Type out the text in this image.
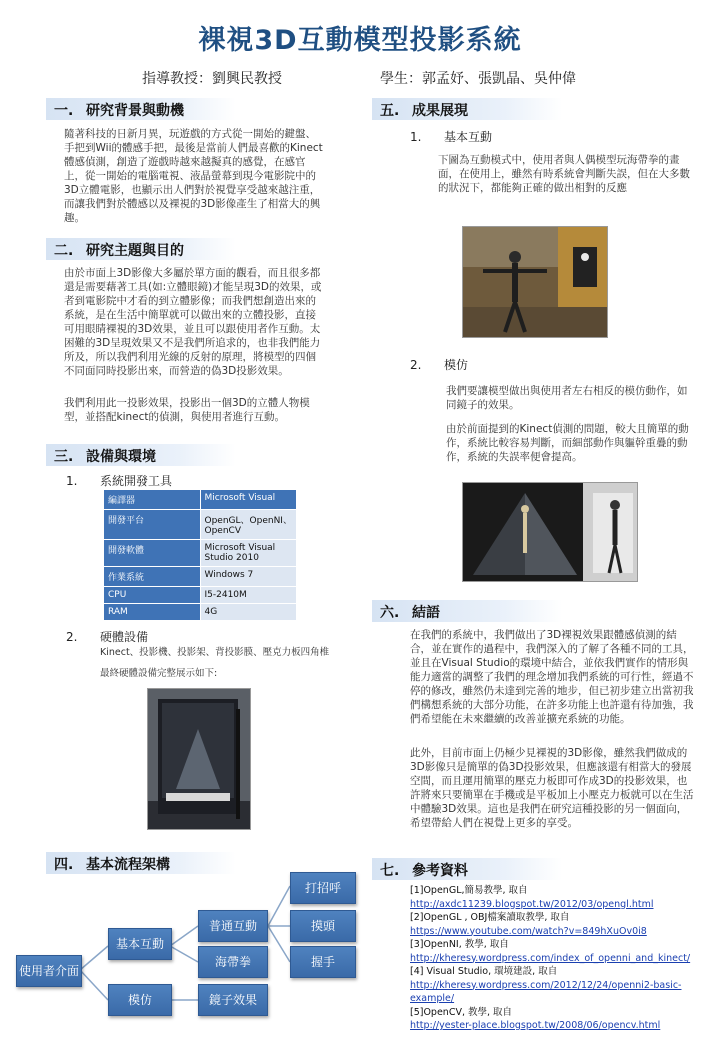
裸視3D互動模型投影系統
指導教授：劉興民教授	學生：郭孟妤、張凱晶、吳仲偉
一. 研究背景與動機
隨著科技的日新月異，玩遊戲的方式從一開始的鍵盤、手把到Wii的體感手把，最後是當前人們最喜歡的Kinect體感偵測，創造了遊戲時越來越擬真的感覺，在感官上，從一開始的電腦電視、液晶螢幕到現今電影院中的3D立體電影，也顯示出人們對於視覺享受越來越注重，而讓我們對於體感以及裸視的3D影像產生了相當大的興趣。
二. 研究主題與目的
由於市面上3D影像大多屬於單方面的觀看，而且很多都還是需要藉著工具(如:立體眼鏡)才能呈現3D的效果，或者到電影院中才看的到立體影像；而我們想創造出來的系統，是在生活中簡單就可以做出來的立體投影，直接可用眼睛裸視的3D效果，並且可以跟使用者作互動。太困難的3D呈現效果又不是我們所追求的，也非我們能力所及，所以我們利用光線的反射的原理，將模型的四個不同面同時投影出來，而營造的偽3D投影效果。
我們利用此一投影效果，投影出一個3D的立體人物模型，並搭配kinect的偵測，與使用者進行互動。
三. 設備與環境
1. 系統開發工具
編譯器	Microsoft Visual
開發平台	OpenGL、OpenNI、OpenCV
開發軟體	Microsoft Visual Studio 2010
作業系統	Windows 7
CPU	I5-2410M
RAM	4G
2. 硬體設備
Kinect、投影機、投影架、背投影膜、壓克力板四角椎
最終硬體設備完整展示如下:
四. 基本流程架構
使用者介面
基本互動
模仿
普通互動
海帶拳
鏡子效果
打招呼
摸頭
握手
五. 成果展現
1. 基本互動
下圖為互動模式中，使用者與人偶模型玩海帶拳的畫面，在使用上，雖然有時系統會判斷失誤，但在大多數的狀況下，都能夠正確的做出相對的反應
2. 模仿
我們要讓模型做出與使用者左右相反的模仿動作，如同鏡子的效果。
由於前面提到的Kinect偵測的問題，較大且簡單的動作，系統比較容易判斷，而細部動作與軀幹重疊的動作，系統的失誤率便會提高。
六. 結語
在我們的系統中，我們做出了3D裸視效果跟體感偵測的結合，並在實作的過程中，我們深入的了解了各種不同的工具，並且在Visual Studio的環境中結合，並依我們實作的情形與能力適當的調整了我們的理念增加我們系統的可行性，經過不停的修改，雖然仍未達到完善的地步，但已初步建立出當初我們構想系統的大部分功能，在許多功能上也許還有待加強，我們希望能在未來繼續的改善並擴充系統的功能。
此外，目前市面上仍極少見裸視的3D影像，雖然我們做成的3D影像只是簡單的偽3D投影效果，但應該還有相當大的發展空間，而且運用簡單的壓克力板即可作成3D的投影效果，也許將來只要簡單在手機或是平板加上小壓克力板就可以在生活中體驗3D效果。這也是我們在研究這種投影的另一個面向，希望帶給人們在視覺上更多的享受。
七. 參考資料
[1]OpenGL,簡易教學, 取自
http://axdc11239.blogspot.tw/2012/03/opengl.html
[2]OpenGL , OBJ檔案讀取教學, 取自
https://www.youtube.com/watch?v=849hXuOv0i8
[3]OpenNI, 教學, 取自
http://kheresy.wordpress.com/index_of_openni_and_kinect/
[4] Visual Studio, 環境建設, 取自
http://kheresy.wordpress.com/2012/12/24/openni2-basic-example/
[5]OpenCV, 教學, 取自
http://yester-place.blogspot.tw/2008/06/opencv.html
